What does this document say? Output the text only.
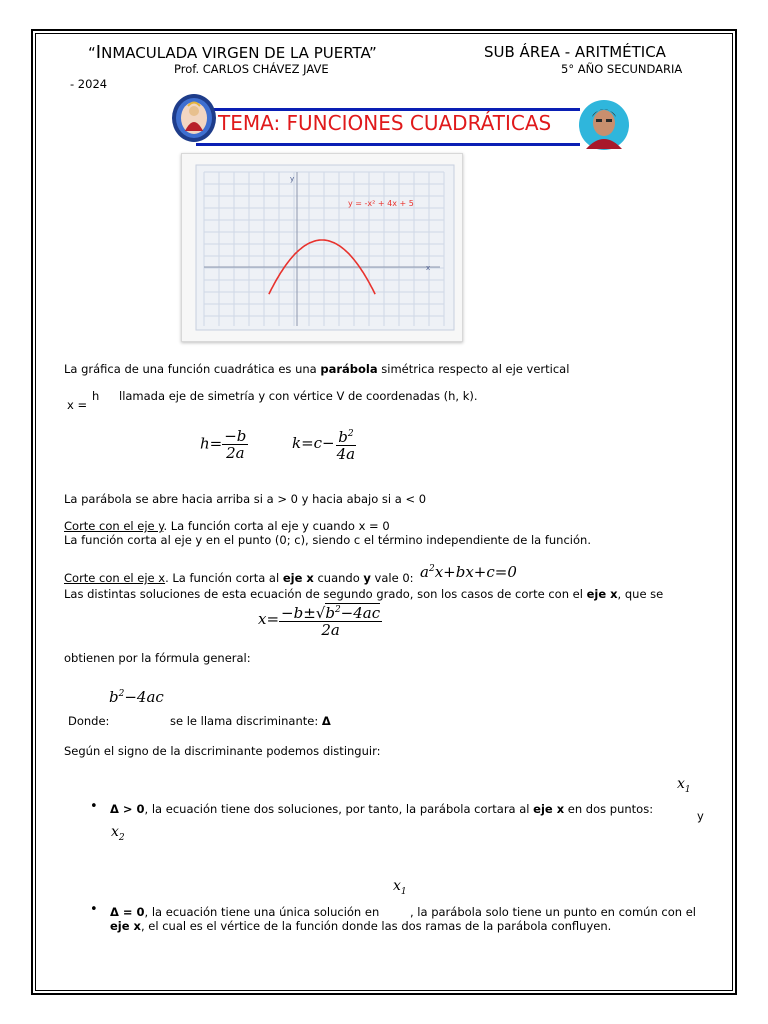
“INMACULADA VIRGEN DE LA PUERTA”	SUB ÁREA - ARITMÉTICA
Prof. CARLOS CHÁVEZ JAVE	5° AÑO SECUNDARIA
- 2024
TEMA: FUNCIONES CUADRÁTICAS
y
x
y = -x² + 4x + 5
La gráfica de una función cuadrática es una parábola simétrica respecto al eje vertical
x =
h llamada eje de simetría y con vértice V de coordenadas (h, k).
$h= \frac{-b}{2a}$	$k=c- \frac{b^2}{4a}$
La parábola se abre hacia arriba si a > 0 y hacia abajo si a < 0
Corte con el eje y. La función corta al eje y cuando x = 0
La función corta al eje y en el punto (0; c), siendo c el término independiente de la función.
Corte con el eje x. La función corta al eje x cuando y vale 0: $a^2x+bx+c=0$
Las distintas soluciones de esta ecuación de segundo grado, son los casos de corte con el eje x, que se
$x= \frac{-b\pm√b^2-4ac}{2a}$
obtienen por la fórmula general:
$b^2-4ac$
Donde:	se le llama discriminante: Δ
Según el signo de la discriminante podemos distinguir:
$x_1$
• Δ > 0, la ecuación tiene dos soluciones, por tanto, la parábola cortara al eje x en dos puntos:	y
$x_2$
$x_1$
• Δ = 0, la ecuación tiene una única solución en	, la parábola solo tiene un punto en común con el
eje x, el cual es el vértice de la función donde las dos ramas de la parábola confluyen.
